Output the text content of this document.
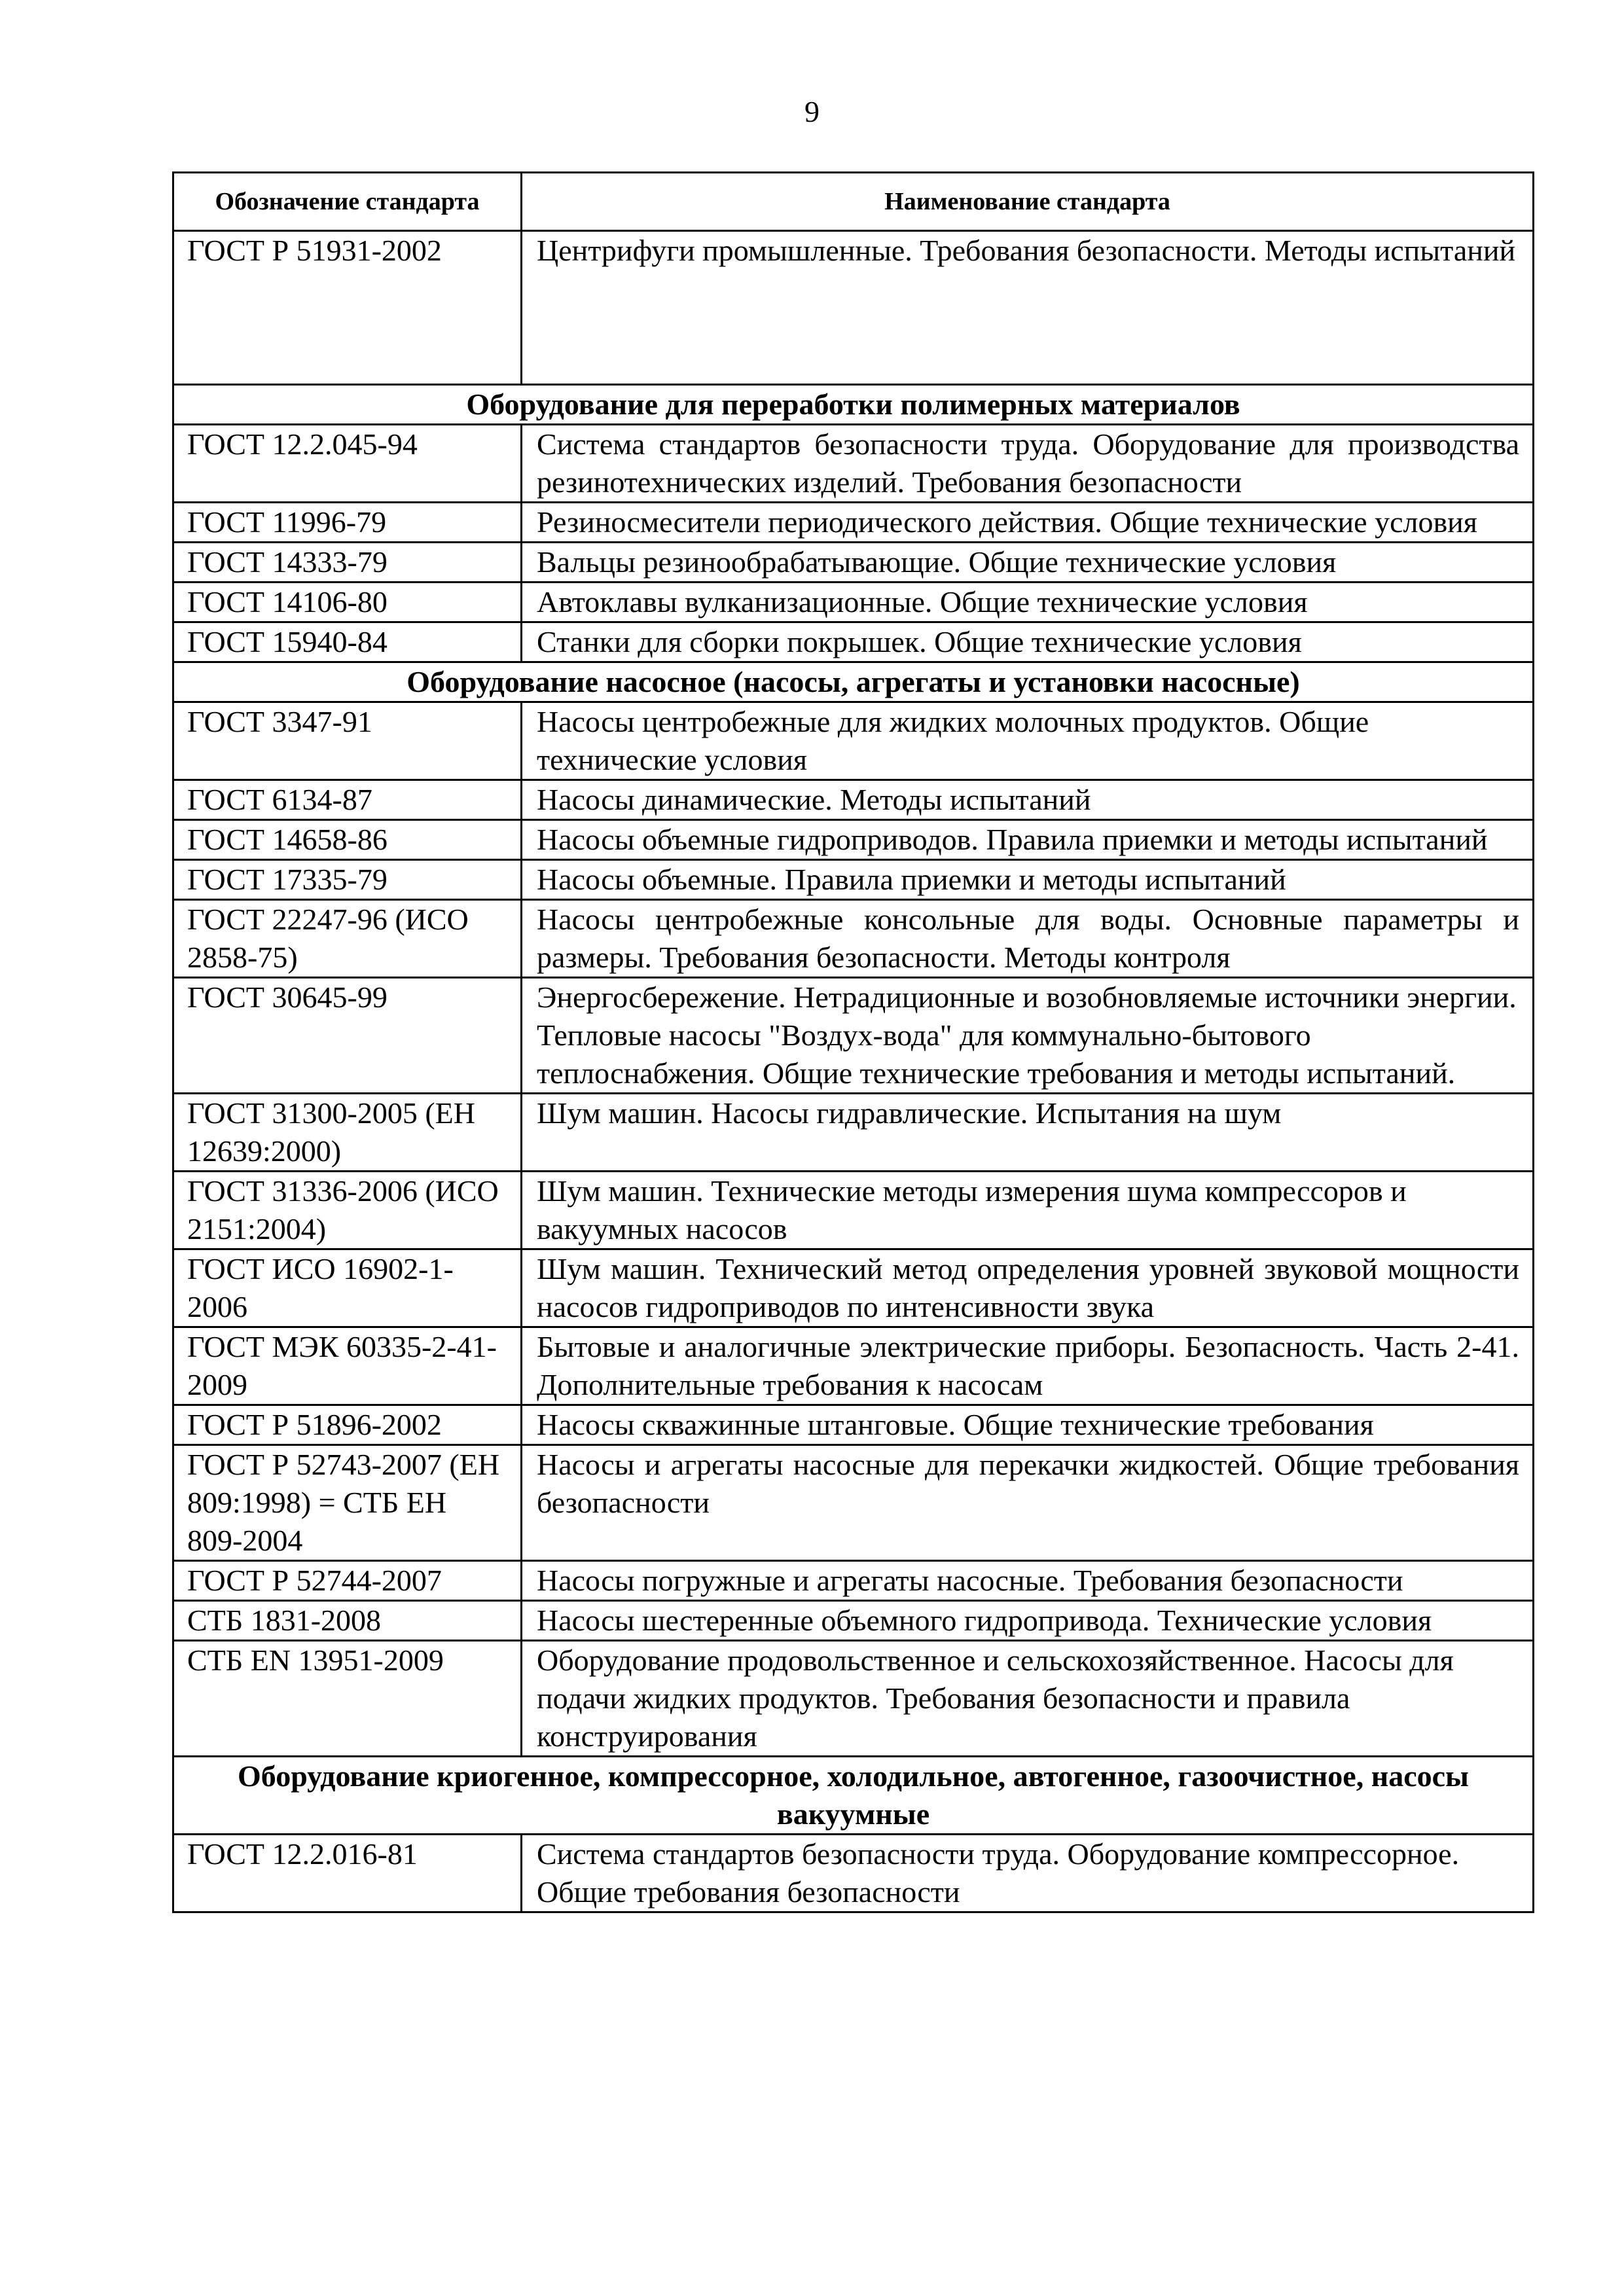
9
Обозначение стандарта	Наименование стандарта
ГОСТ Р 51931-2002	Центрифуги промышленные. Требования безопасности. Методы испытаний
Оборудование для переработки полимерных материалов	
ГОСТ 12.2.045-94	Система стандартов безопасности труда. Оборудование для производства резинотехнических изделий. Требования безопасности
ГОСТ 11996-79	Резиносмесители периодического действия. Общие технические условия
ГОСТ 14333-79	Вальцы резинообрабатывающие. Общие технические условия
ГОСТ 14106-80	Автоклавы вулканизационные. Общие технические условия
ГОСТ 15940-84	Станки для сборки покрышек. Общие технические условия
Оборудование насосное (насосы, агрегаты и установки насосные)	
ГОСТ 3347-91	Насосы центробежные для жидких молочных продуктов. Общие технические условия
ГОСТ 6134-87	Насосы динамические. Методы испытаний
ГОСТ 14658-86	Насосы объемные гидроприводов. Правила приемки и методы испытаний
ГОСТ 17335-79	Насосы объемные. Правила приемки и методы испытаний
ГОСТ 22247-96 (ИСО 2858-75)	Насосы центробежные консольные для воды. Основные параметры и размеры. Требования безопасности. Методы контроля
ГОСТ 30645-99	Энергосбережение. Нетрадиционные и возобновляемые источники энергии. Тепловые насосы "Воздух-вода" для коммунально-бытового теплоснабжения. Общие технические требования и методы испытаний.
ГОСТ 31300-2005 (ЕН 12639:2000)	Шум машин. Насосы гидравлические. Испытания на шум
ГОСТ 31336-2006 (ИСО 2151:2004)	Шум машин. Технические методы измерения шума компрессоров и вакуумных насосов
ГОСТ ИСО 16902-1-2006	Шум машин. Технический метод определения уровней звуковой мощности насосов гидроприводов по интенсивности звука
ГОСТ МЭК 60335-2-41-2009	Бытовые и аналогичные электрические приборы. Безопасность. Часть 2-41. Дополнительные требования к насосам
ГОСТ Р 51896-2002	Насосы скважинные штанговые. Общие технические требования
ГОСТ Р 52743-2007 (ЕН 809:1998) = СТБ ЕН 809-2004	Насосы и агрегаты насосные для перекачки жидкостей. Общие требования безопасности
ГОСТ Р 52744-2007	Насосы погружные и агрегаты насосные. Требования безопасности
СТБ 1831-2008	Насосы шестеренные объемного гидропривода. Технические условия
СТБ EN 13951-2009	Оборудование продовольственное и сельскохозяйственное. Насосы для подачи жидких продуктов. Требования безопасности и правила конструирования
Оборудование криогенное, компрессорное, холодильное, автогенное, газоочистное, насосы вакуумные	
ГОСТ 12.2.016-81	Система стандартов безопасности труда. Оборудование компрессорное. Общие требования безопасности
